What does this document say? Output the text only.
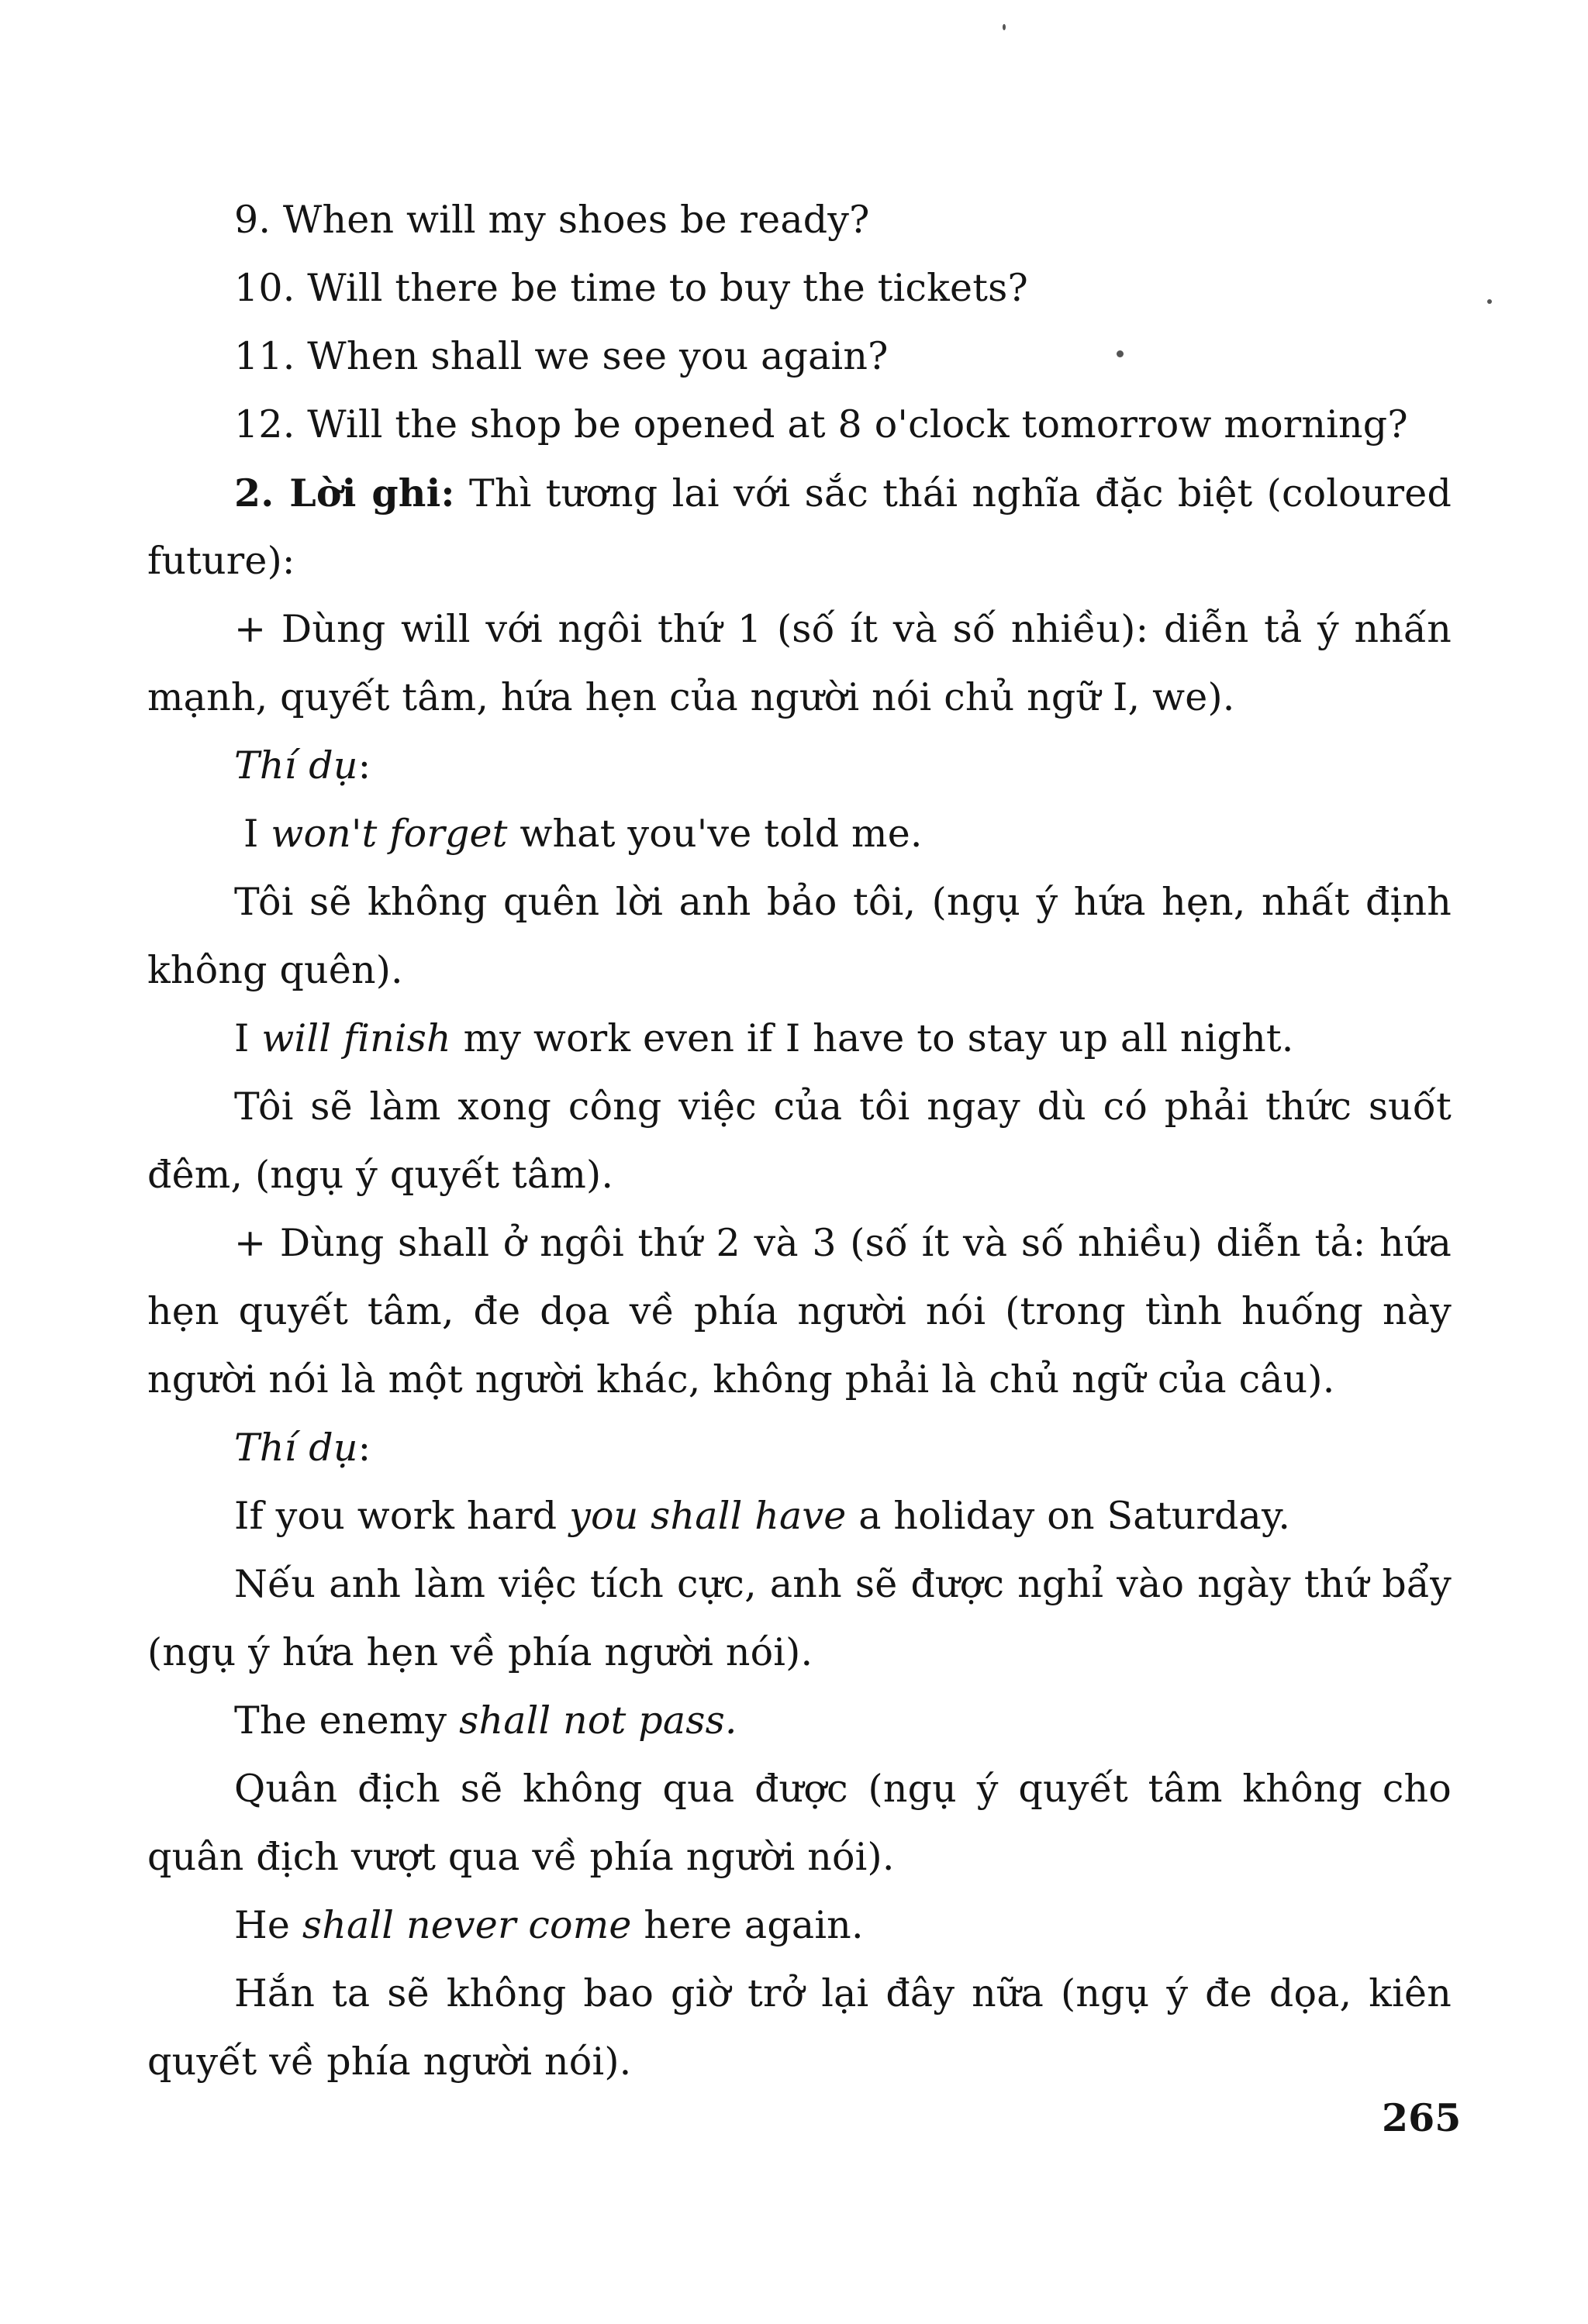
9. When will my shoes be ready?
10. Will there be time to buy the tickets?
11. When shall we see you again?
12. Will the shop be opened at 8 o'clock tomorrow morning?
2. Lời ghi: Thì tương lai với sắc thái nghĩa đặc biệt (coloured
future):
+ Dùng will với ngôi thứ 1 (số ít và số nhiều): diễn tả ý nhấn
mạnh, quyết tâm, hứa hẹn của người nói chủ ngữ I, we).
Thí dụ:
I won't forget what you've told me.
Tôi sẽ không quên lời anh bảo tôi, (ngụ ý hứa hẹn, nhất định
không quên).
I will finish my work even if I have to stay up all night.
Tôi sẽ làm xong công việc của tôi ngay dù có phải thức suốt
đêm, (ngụ ý quyết tâm).
+ Dùng shall ở ngôi thứ 2 và 3 (số ít và số nhiều) diễn tả: hứa
hẹn quyết tâm, đe dọa về phía người nói (trong tình huống này
người nói là một người khác, không phải là chủ ngữ của câu).
Thí dụ:
If you work hard you shall have a holiday on Saturday.
Nếu anh làm việc tích cực, anh sẽ được nghỉ vào ngày thứ bẩy
(ngụ ý hứa hẹn về phía người nói).
The enemy shall not pass.
Quân địch sẽ không qua được (ngụ ý quyết tâm không cho
quân địch vượt qua về phía người nói).
He shall never come here again.
Hắn ta sẽ không bao giờ trở lại đây nữa (ngụ ý đe dọa, kiên
quyết về phía người nói).
265
